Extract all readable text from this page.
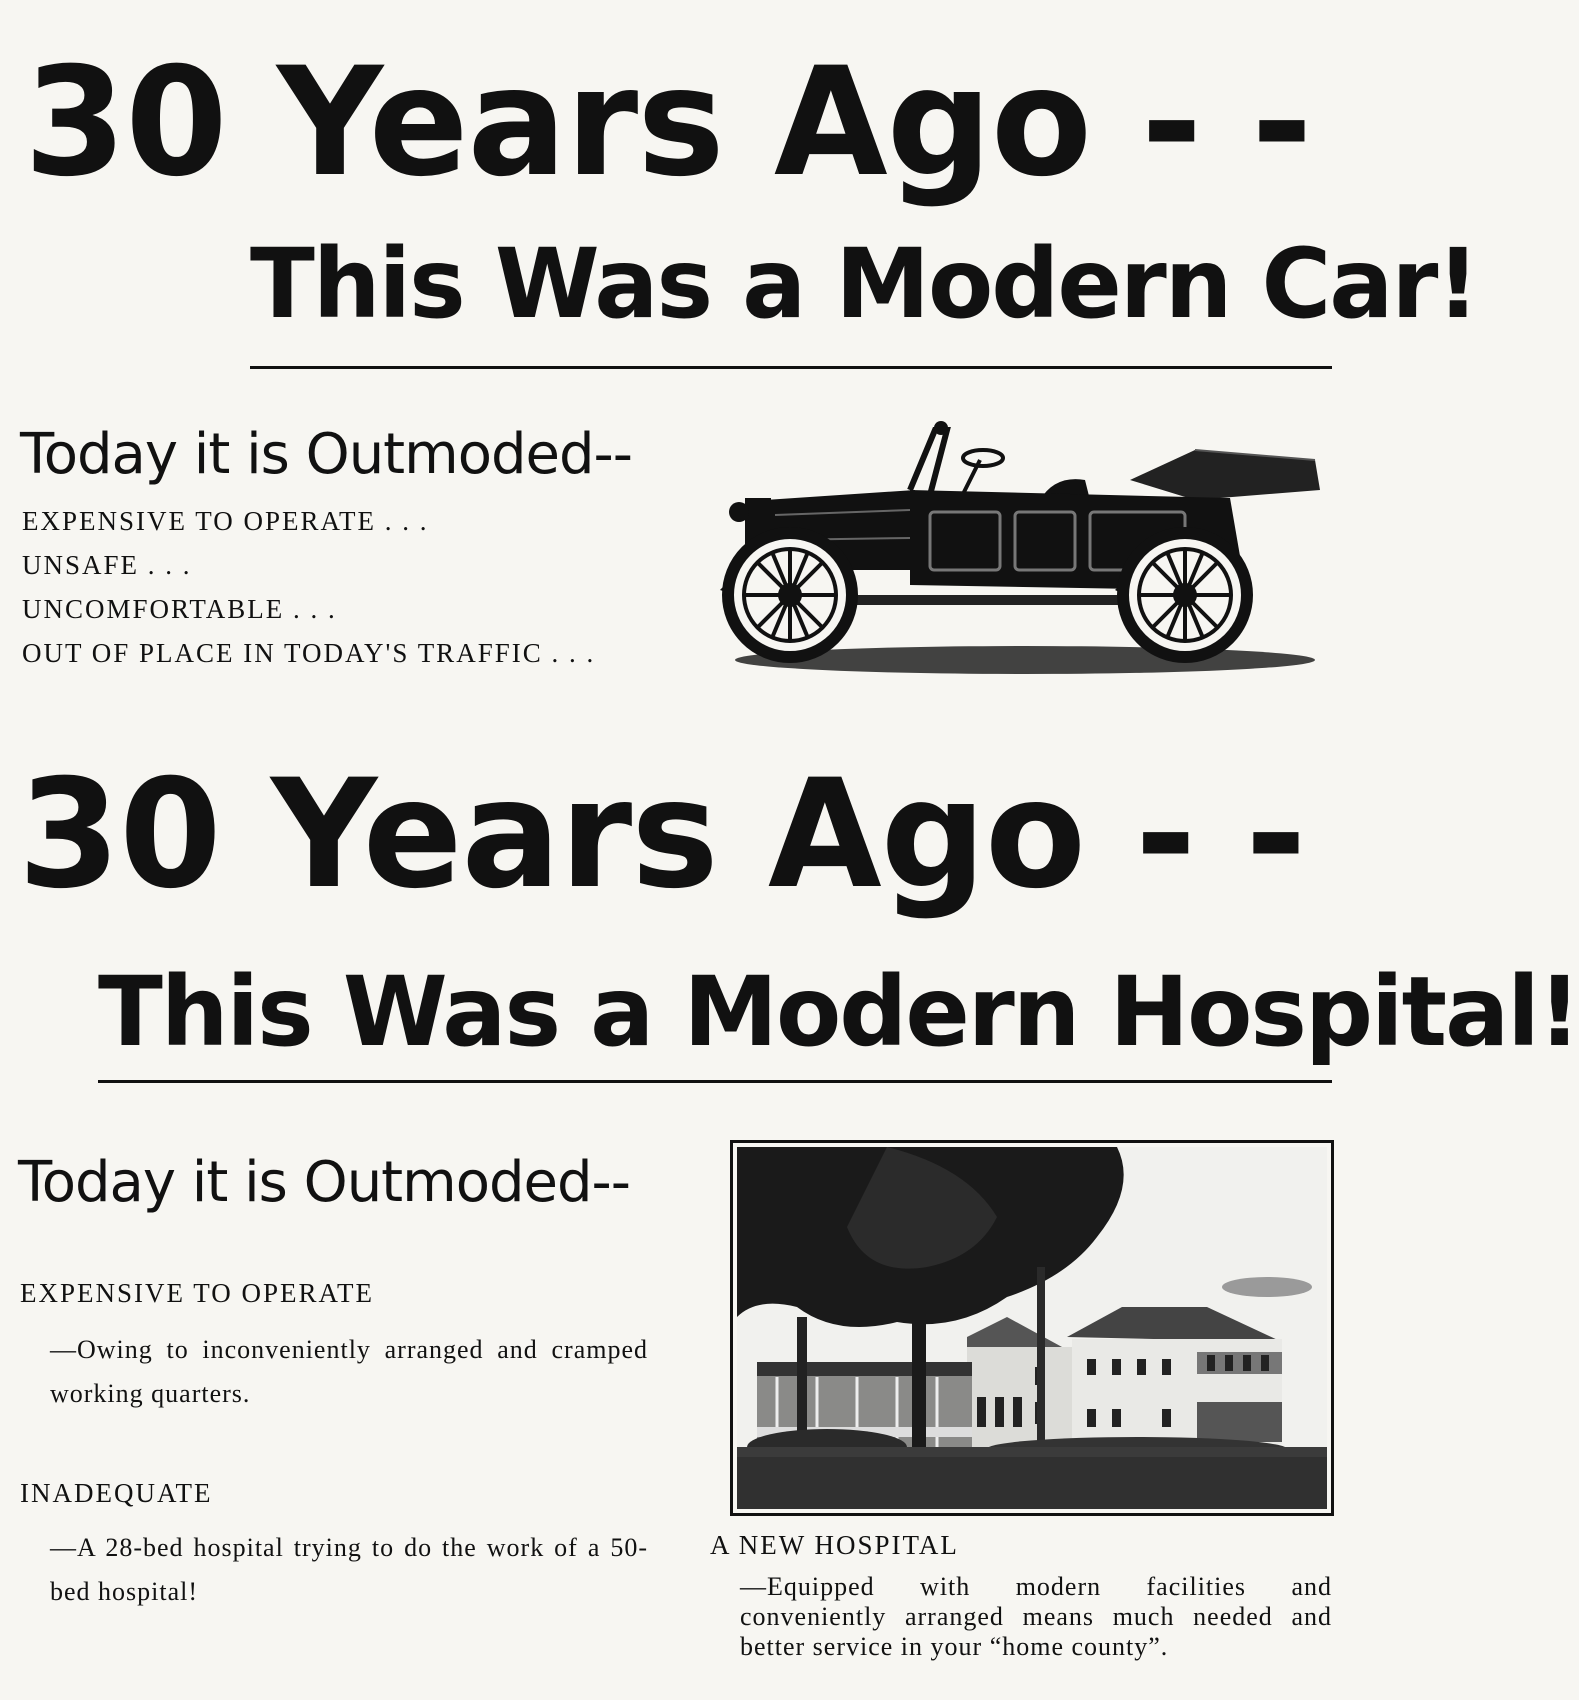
30 Years Ago - -
This Was a Modern Car!
Today it is Outmoded--
EXPENSIVE TO OPERATE . . .
UNSAFE . . .
UNCOMFORTABLE . . .
OUT OF PLACE IN TODAY'S TRAFFIC . . .
30 Years Ago - -
This Was a Modern Hospital!
Today it is Outmoded--
EXPENSIVE TO OPERATE
—Owing to inconveniently arranged and cramped working quarters.
INADEQUATE
—A 28-bed hospital trying to do the work of a 50-bed hospital!
A NEW HOSPITAL
—Equipped with modern facilities and conveniently arranged means much needed and better service in your “home county”.
